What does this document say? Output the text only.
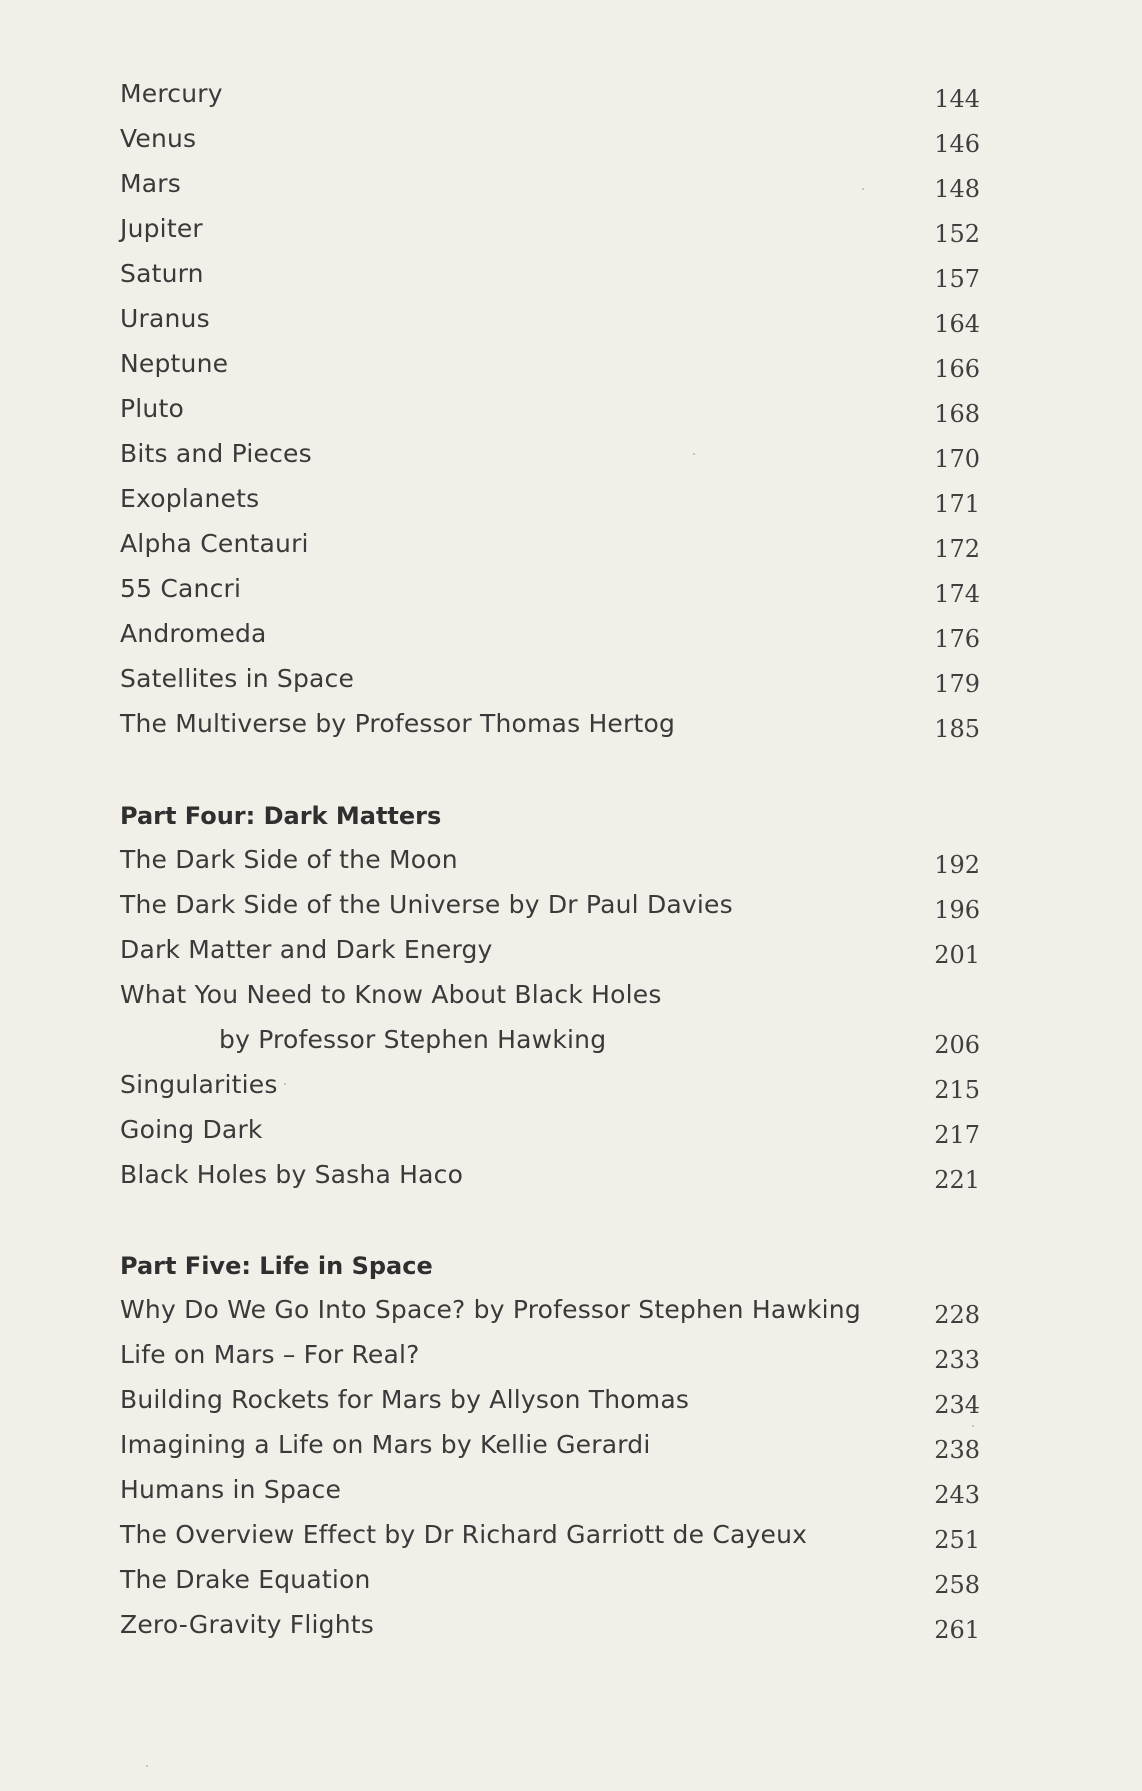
Mercury	144
Venus	146
Mars	148
Jupiter	152
Saturn	157
Uranus	164
Neptune	166
Pluto	168
Bits and Pieces	170
Exoplanets	171
Alpha Centauri	172
55 Cancri	174
Andromeda	176
Satellites in Space	179
The Multiverse by Professor Thomas Hertog	185
Part Four: Dark Matters
The Dark Side of the Moon	192
The Dark Side of the Universe by Dr Paul Davies	196
Dark Matter and Dark Energy	201
What You Need to Know About Black Holes
by Professor Stephen Hawking	206
Singularities	215
Going Dark	217
Black Holes by Sasha Haco	221
Part Five: Life in Space
Why Do We Go Into Space? by Professor Stephen Hawking	228
Life on Mars – For Real?	233
Building Rockets for Mars by Allyson Thomas	234
Imagining a Life on Mars by Kellie Gerardi	238
Humans in Space	243
The Overview Effect by Dr Richard Garriott de Cayeux	251
The Drake Equation	258
Zero-Gravity Flights	261
